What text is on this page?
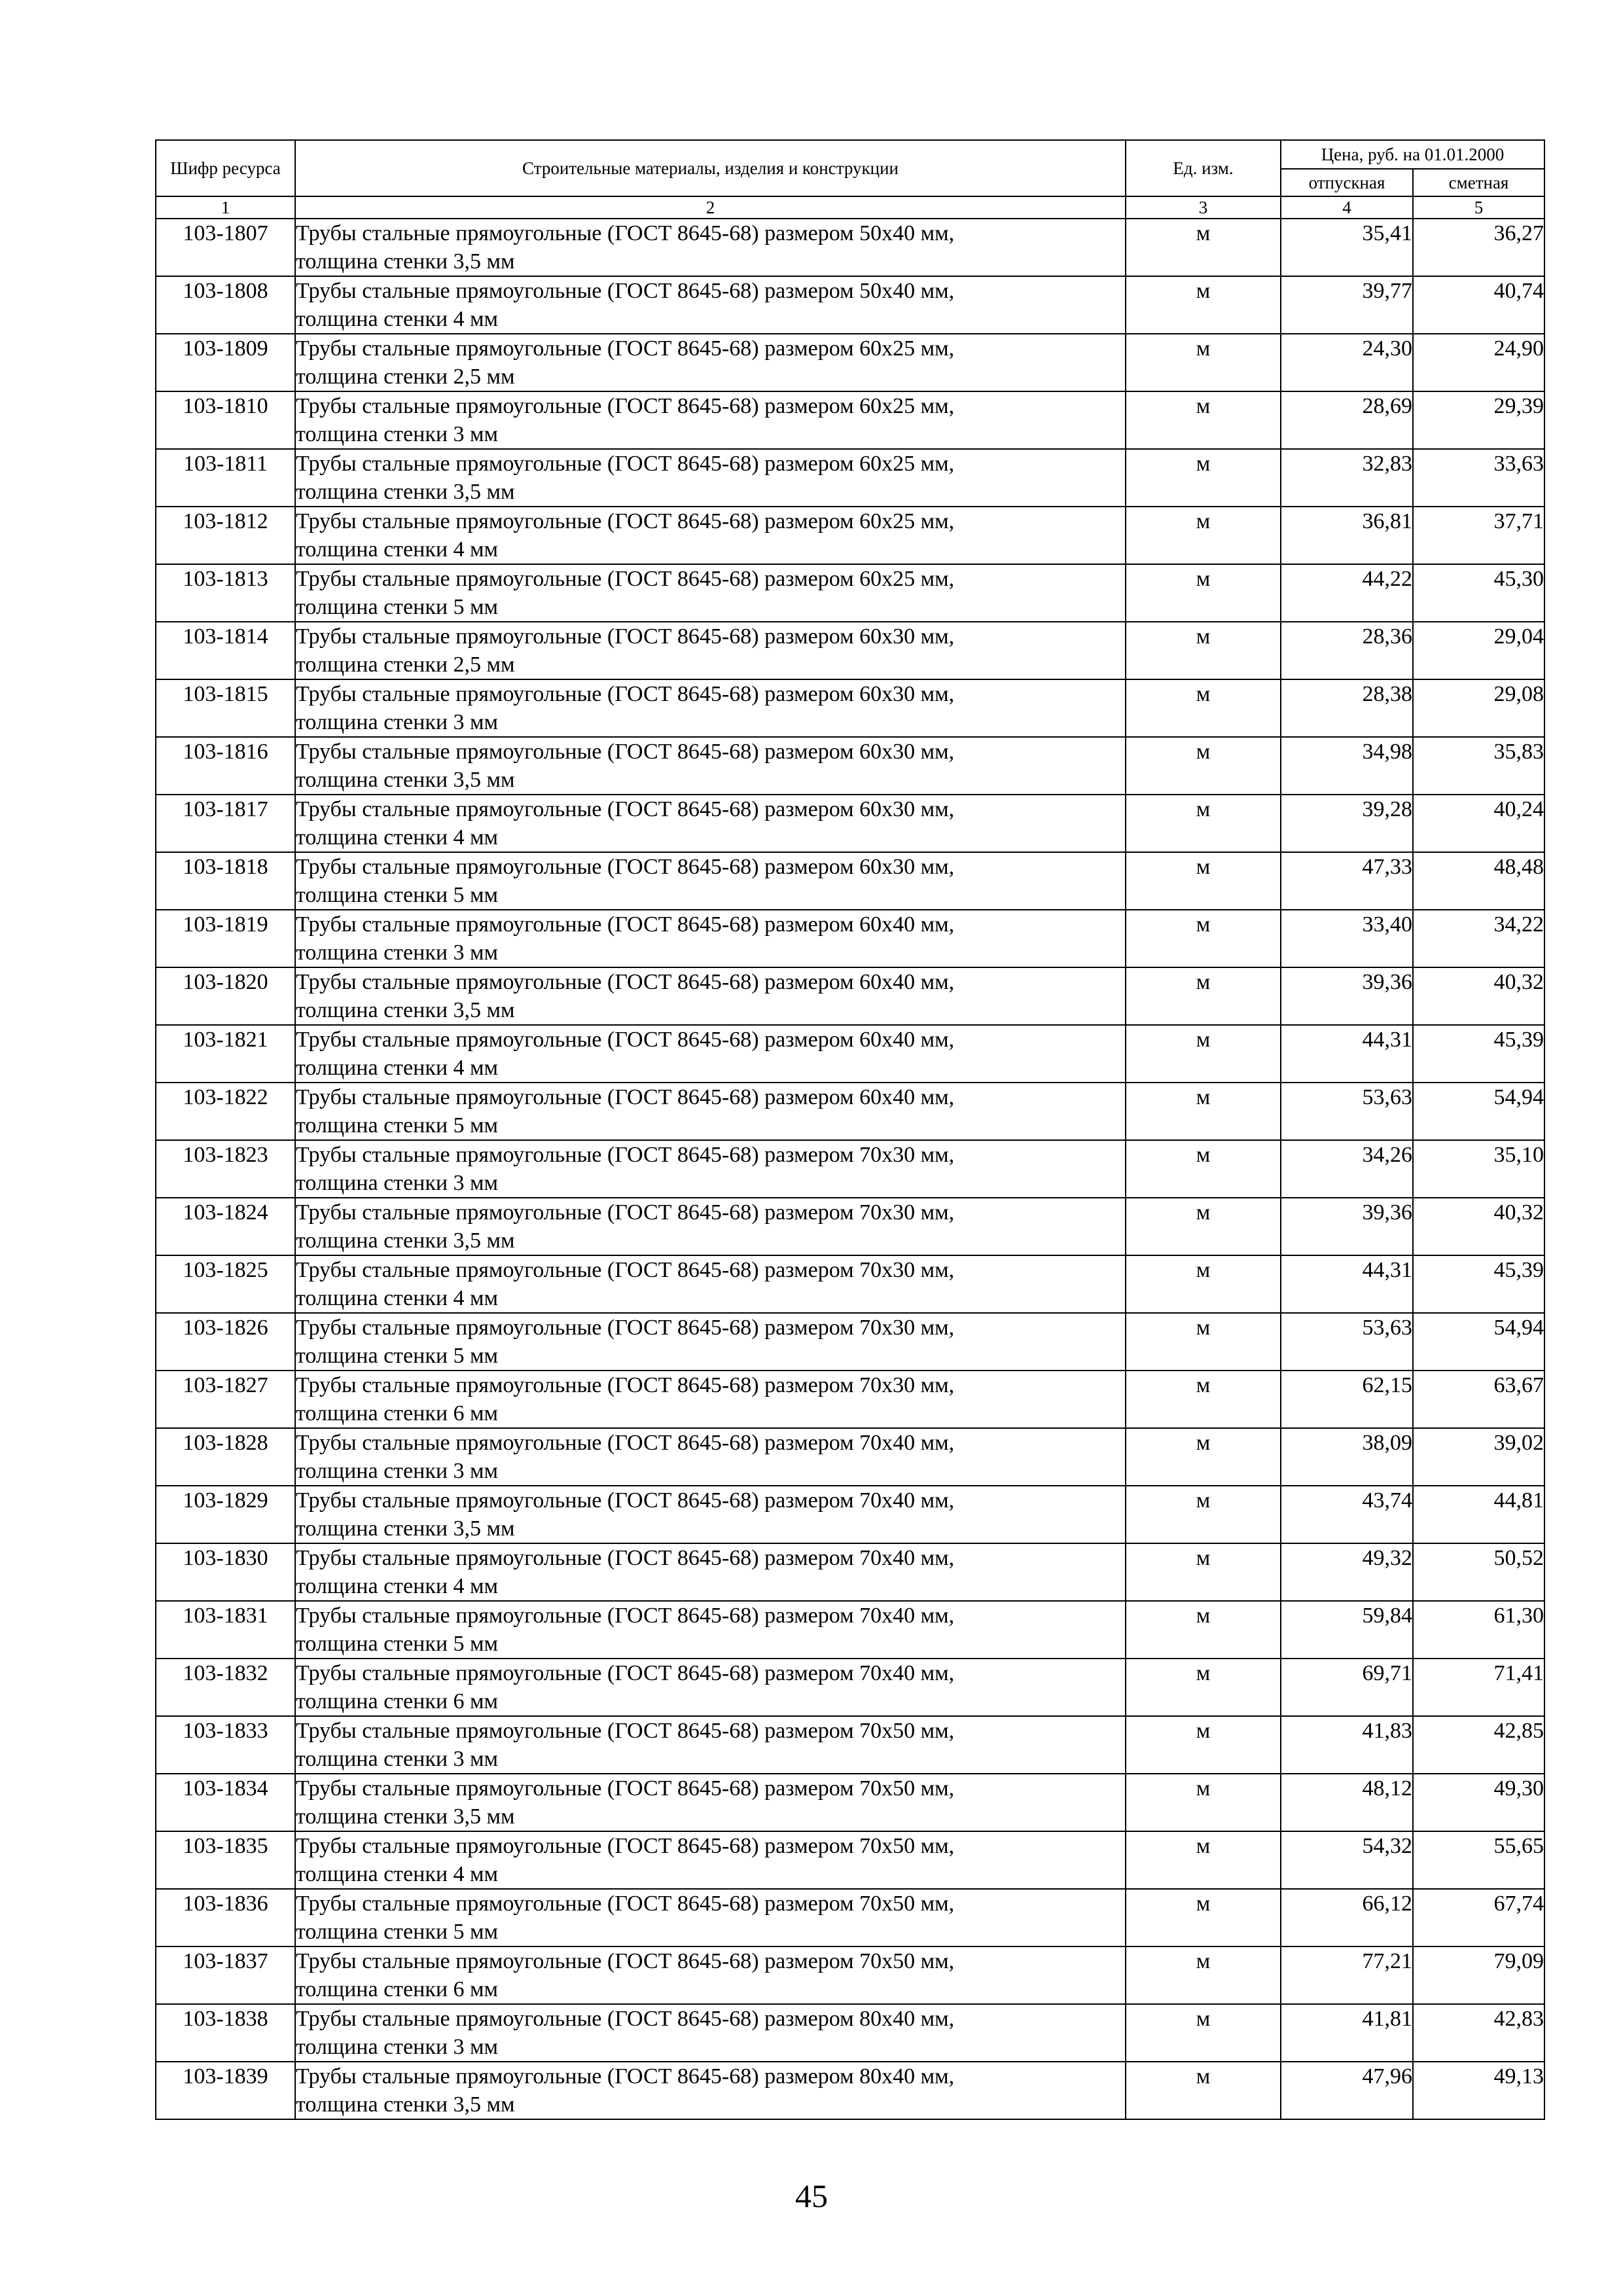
Шифр ресурса	Строительные материалы, изделия и конструкции	Ед. изм.	Цена, руб. на 01.01.2000	
			отпускная	сметная
1	2	3	4	5
103-1807	Трубы стальные прямоугольные (ГОСТ 8645-68) размером 50х40 мм,
толщина стенки 3,5 мм	м	35,41	36,27
103-1808	Трубы стальные прямоугольные (ГОСТ 8645-68) размером 50х40 мм,
толщина стенки 4 мм	м	39,77	40,74
103-1809	Трубы стальные прямоугольные (ГОСТ 8645-68) размером 60х25 мм,
толщина стенки 2,5 мм	м	24,30	24,90
103-1810	Трубы стальные прямоугольные (ГОСТ 8645-68) размером 60х25 мм,
толщина стенки 3 мм	м	28,69	29,39
103-1811	Трубы стальные прямоугольные (ГОСТ 8645-68) размером 60х25 мм,
толщина стенки 3,5 мм	м	32,83	33,63
103-1812	Трубы стальные прямоугольные (ГОСТ 8645-68) размером 60х25 мм,
толщина стенки 4 мм	м	36,81	37,71
103-1813	Трубы стальные прямоугольные (ГОСТ 8645-68) размером 60х25 мм,
толщина стенки 5 мм	м	44,22	45,30
103-1814	Трубы стальные прямоугольные (ГОСТ 8645-68) размером 60х30 мм,
толщина стенки 2,5 мм	м	28,36	29,04
103-1815	Трубы стальные прямоугольные (ГОСТ 8645-68) размером 60х30 мм,
толщина стенки 3 мм	м	28,38	29,08
103-1816	Трубы стальные прямоугольные (ГОСТ 8645-68) размером 60х30 мм,
толщина стенки 3,5 мм	м	34,98	35,83
103-1817	Трубы стальные прямоугольные (ГОСТ 8645-68) размером 60х30 мм,
толщина стенки 4 мм	м	39,28	40,24
103-1818	Трубы стальные прямоугольные (ГОСТ 8645-68) размером 60х30 мм,
толщина стенки 5 мм	м	47,33	48,48
103-1819	Трубы стальные прямоугольные (ГОСТ 8645-68) размером 60х40 мм,
толщина стенки 3 мм	м	33,40	34,22
103-1820	Трубы стальные прямоугольные (ГОСТ 8645-68) размером 60х40 мм,
толщина стенки 3,5 мм	м	39,36	40,32
103-1821	Трубы стальные прямоугольные (ГОСТ 8645-68) размером 60х40 мм,
толщина стенки 4 мм	м	44,31	45,39
103-1822	Трубы стальные прямоугольные (ГОСТ 8645-68) размером 60х40 мм,
толщина стенки 5 мм	м	53,63	54,94
103-1823	Трубы стальные прямоугольные (ГОСТ 8645-68) размером 70х30 мм,
толщина стенки 3 мм	м	34,26	35,10
103-1824	Трубы стальные прямоугольные (ГОСТ 8645-68) размером 70х30 мм,
толщина стенки 3,5 мм	м	39,36	40,32
103-1825	Трубы стальные прямоугольные (ГОСТ 8645-68) размером 70х30 мм,
толщина стенки 4 мм	м	44,31	45,39
103-1826	Трубы стальные прямоугольные (ГОСТ 8645-68) размером 70х30 мм,
толщина стенки 5 мм	м	53,63	54,94
103-1827	Трубы стальные прямоугольные (ГОСТ 8645-68) размером 70х30 мм,
толщина стенки 6 мм	м	62,15	63,67
103-1828	Трубы стальные прямоугольные (ГОСТ 8645-68) размером 70х40 мм,
толщина стенки 3 мм	м	38,09	39,02
103-1829	Трубы стальные прямоугольные (ГОСТ 8645-68) размером 70х40 мм,
толщина стенки 3,5 мм	м	43,74	44,81
103-1830	Трубы стальные прямоугольные (ГОСТ 8645-68) размером 70х40 мм,
толщина стенки 4 мм	м	49,32	50,52
103-1831	Трубы стальные прямоугольные (ГОСТ 8645-68) размером 70х40 мм,
толщина стенки 5 мм	м	59,84	61,30
103-1832	Трубы стальные прямоугольные (ГОСТ 8645-68) размером 70х40 мм,
толщина стенки 6 мм	м	69,71	71,41
103-1833	Трубы стальные прямоугольные (ГОСТ 8645-68) размером 70х50 мм,
толщина стенки 3 мм	м	41,83	42,85
103-1834	Трубы стальные прямоугольные (ГОСТ 8645-68) размером 70х50 мм,
толщина стенки 3,5 мм	м	48,12	49,30
103-1835	Трубы стальные прямоугольные (ГОСТ 8645-68) размером 70х50 мм,
толщина стенки 4 мм	м	54,32	55,65
103-1836	Трубы стальные прямоугольные (ГОСТ 8645-68) размером 70х50 мм,
толщина стенки 5 мм	м	66,12	67,74
103-1837	Трубы стальные прямоугольные (ГОСТ 8645-68) размером 70х50 мм,
толщина стенки 6 мм	м	77,21	79,09
103-1838	Трубы стальные прямоугольные (ГОСТ 8645-68) размером 80х40 мм,
толщина стенки 3 мм	м	41,81	42,83
103-1839	Трубы стальные прямоугольные (ГОСТ 8645-68) размером 80х40 мм,
толщина стенки 3,5 мм	м	47,96	49,13
45
